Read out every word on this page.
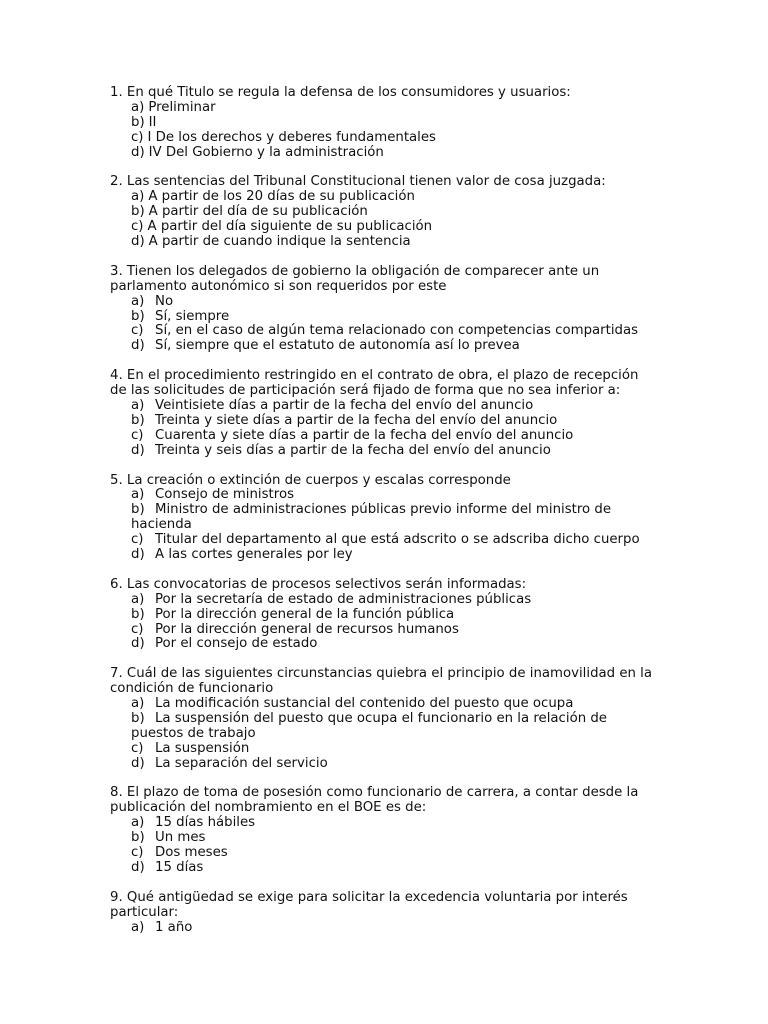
1. En qué Titulo se regula la defensa de los consumidores y usuarios:

a) Preliminar
b) II
c) I De los derechos y deberes fundamentales
d) IV Del Gobierno y la administración

2. Las sentencias del Tribunal Constitucional tienen valor de cosa juzgada:

a) A partir de los 20 días de su publicación
b) A partir del día de su publicación
c) A partir del día siguiente de su publicación
d) A partir de cuando indique la sentencia

3. Tienen los delegados de gobierno la obligación de comparecer ante un parlamento autonómico si son requeridos por este

a) No
b) Sí, siempre
c) Sí, en el caso de algún tema relacionado con competencias compartidas
d) Sí, siempre que el estatuto de autonomía así lo prevea

4. En el procedimiento restringido en el contrato de obra, el plazo de recepción de las solicitudes de participación será fijado de forma que no sea inferior a:

a) Veintisiete días a partir de la fecha del envío del anuncio
b) Treinta y siete días a partir de la fecha del envío del anuncio
c) Cuarenta y siete días a partir de la fecha del envío del anuncio
d) Treinta y seis días a partir de la fecha del envío del anuncio

5. La creación o extinción de cuerpos y escalas corresponde

a) Consejo de ministros
b) Ministro de administraciones públicas previo informe del ministro de hacienda
c) Titular del departamento al que está adscrito o se adscriba dicho cuerpo
d) A las cortes generales por ley

6. Las convocatorias de procesos selectivos serán informadas:

a) Por la secretaría de estado de administraciones públicas
b) Por la dirección general de la función pública
c) Por la dirección general de recursos humanos
d) Por el consejo de estado

7. Cuál de las siguientes circunstancias quiebra el principio de inamovilidad en la condición de funcionario

a) La modificación sustancial del contenido del puesto que ocupa
b) La suspensión del puesto que ocupa el funcionario en la relación de puestos de trabajo
c) La suspensión
d) La separación del servicio

8. El plazo de toma de posesión como funcionario de carrera, a contar desde la publicación del nombramiento en el BOE es de:

a) 15 días hábiles
b) Un mes
c) Dos meses
d) 15 días

9. Qué antigüedad se exige para solicitar la excedencia voluntaria por interés particular:

a) 1 año
